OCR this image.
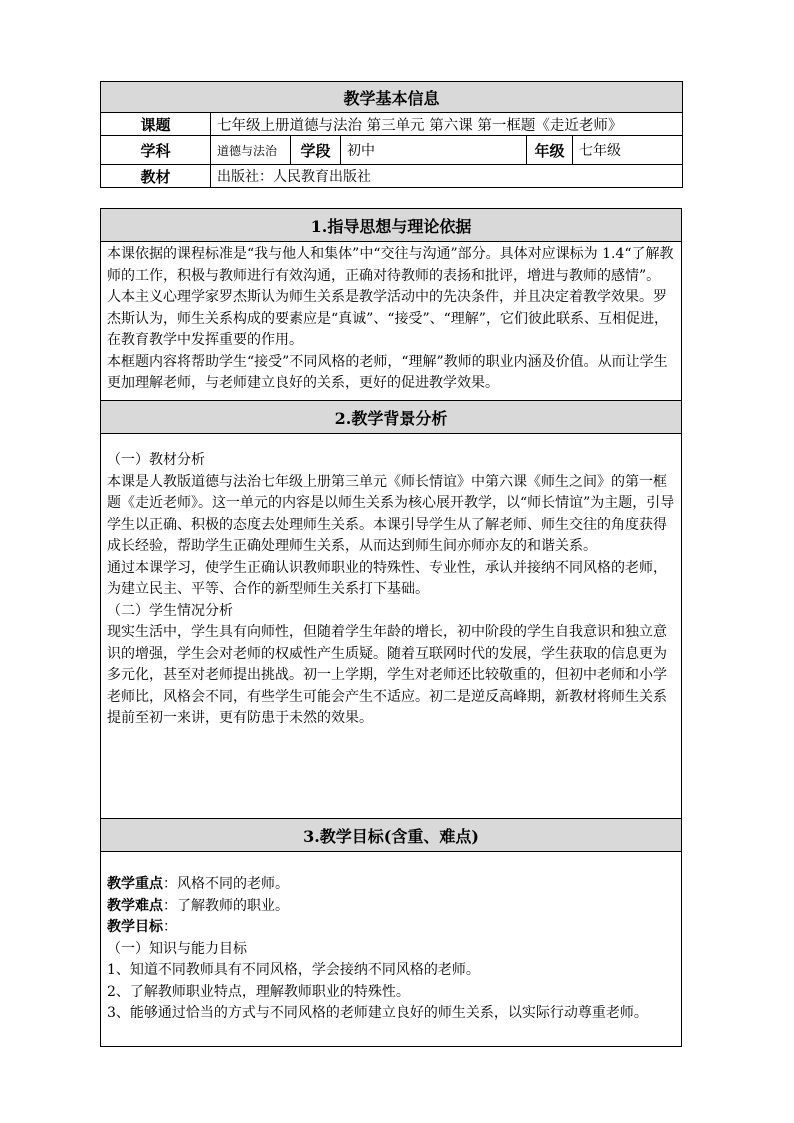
教学基本信息					
课题	七年级上册道德与法治 第三单元 第六课 第一框题《走近老师》				
学科	道德与法治	学段	初中	年级	七年级
教材	出版社：人民教育出版社				
1.指导思想与理论依据

本课依据的课程标准是“我与他人和集体”中“交往与沟通”部分。具体对应课标为 1.4“了解教师的工作，积极与教师进行有效沟通，正确对待教师的表扬和批评，增进与教师的感情”。

人本主义心理学家罗杰斯认为师生关系是教学活动中的先决条件，并且决定着教学效果。罗杰斯认为，师生关系构成的要素应是“真诚”、“接受”、“理解”，它们彼此联系、互相促进，在教育教学中发挥重要的作用。

本框题内容将帮助学生“接受”不同风格的老师，“理解”教师的职业内涵及价值。从而让学生更加理解老师，与老师建立良好的关系，更好的促进教学效果。

2.教学背景分析

（一）教材分析

本课是人教版道德与法治七年级上册第三单元《师长情谊》中第六课《师生之间》的第一框题《走近老师》。这一单元的内容是以师生关系为核心展开教学，以“师长情谊”为主题，引导学生以正确、积极的态度去处理师生关系。本课引导学生从了解老师、师生交往的角度获得成长经验，帮助学生正确处理师生关系，从而达到师生间亦师亦友的和谐关系。

通过本课学习，使学生正确认识教师职业的特殊性、专业性，承认并接纳不同风格的老师，为建立民主、平等、合作的新型师生关系打下基础。

（二）学生情况分析

现实生活中，学生具有向师性，但随着学生年龄的增长，初中阶段的学生自我意识和独立意识的增强，学生会对老师的权威性产生质疑。随着互联网时代的发展，学生获取的信息更为多元化，甚至对老师提出挑战。初一上学期，学生对老师还比较敬重的，但初中老师和小学老师比，风格会不同，有些学生可能会产生不适应。初二是逆反高峰期，新教材将师生关系提前至初一来讲，更有防患于未然的效果。

3.教学目标(含重、难点)

教学重点：风格不同的老师。

教学难点：了解教师的职业。

教学目标：

（一）知识与能力目标

1、知道不同教师具有不同风格，学会接纳不同风格的老师。

2、了解教师职业特点，理解教师职业的特殊性。

3、能够通过恰当的方式与不同风格的老师建立良好的师生关系，以实际行动尊重老师。
